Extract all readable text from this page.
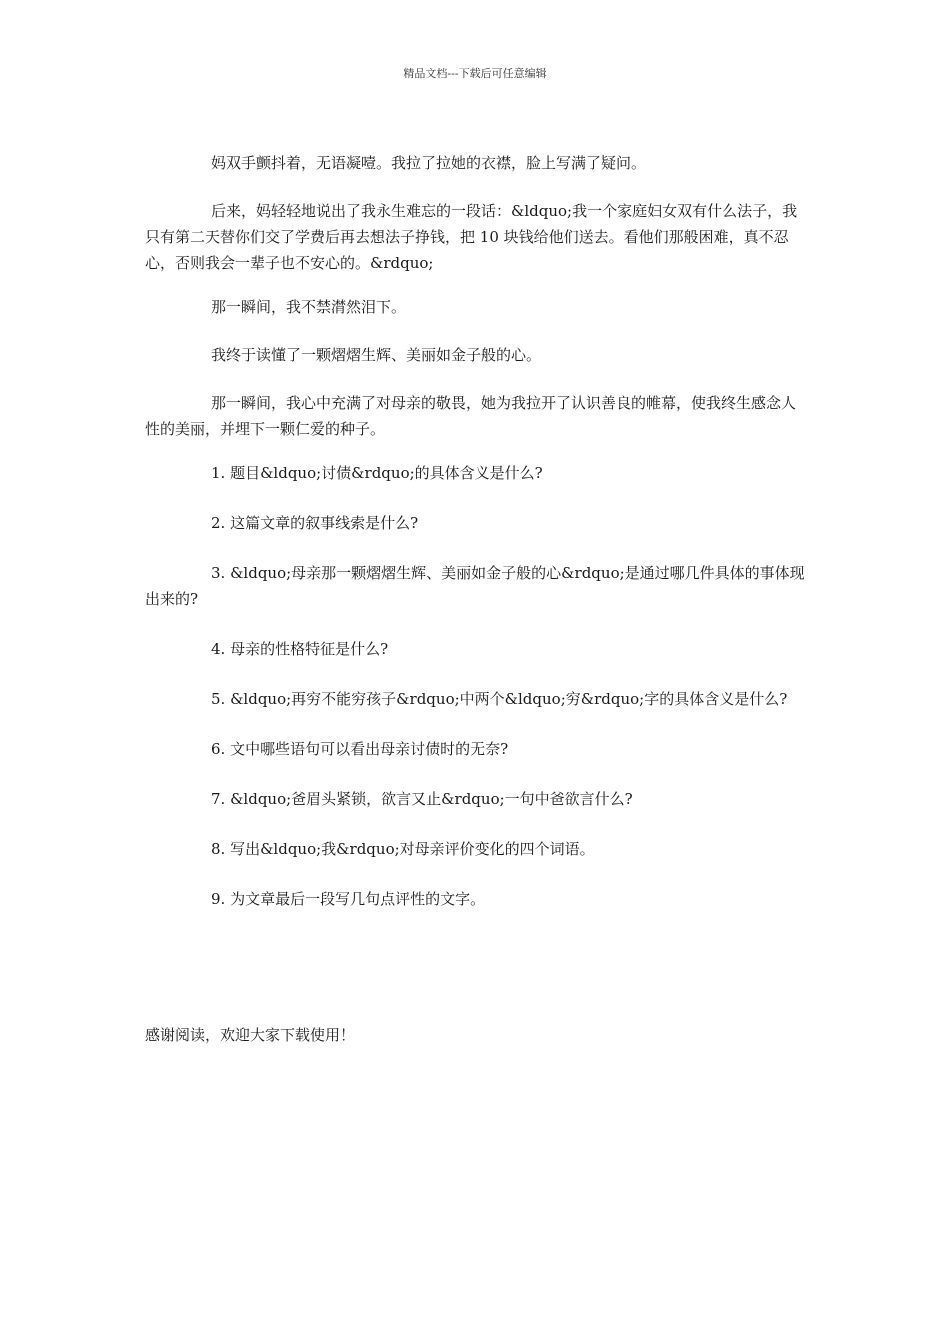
精品文档---下载后可任意编辑

妈双手颤抖着，无语凝噎。我拉了拉她的衣襟，脸上写满了疑问。

后来，妈轻轻地说出了我永生难忘的一段话：&ldquo;我一个家庭妇女双有什么法子，我只有第二天替你们交了学费后再去想法子挣钱，把 10 块钱给他们送去。看他们那般困难，真不忍心，否则我会一辈子也不安心的。&rdquo;

那一瞬间，我不禁潸然泪下。

我终于读懂了一颗熠熠生辉、美丽如金子般的心。

那一瞬间，我心中充满了对母亲的敬畏，她为我拉开了认识善良的帷幕，使我终生感念人性的美丽，并埋下一颗仁爱的种子。

1. 题目&ldquo;讨债&rdquo;的具体含义是什么?

2. 这篇文章的叙事线索是什么?

3. &ldquo;母亲那一颗熠熠生辉、美丽如金子般的心&rdquo;是通过哪几件具体的事体现出来的?

4. 母亲的性格特征是什么?

5. &ldquo;再穷不能穷孩子&rdquo;中两个&ldquo;穷&rdquo;字的具体含义是什么?

6. 文中哪些语句可以看出母亲讨债时的无奈?

7. &ldquo;爸眉头紧锁，欲言又止&rdquo;一句中爸欲言什么?

8. 写出&ldquo;我&rdquo;对母亲评价变化的四个词语。

9. 为文章最后一段写几句点评性的文字。

感谢阅读，欢迎大家下载使用！
